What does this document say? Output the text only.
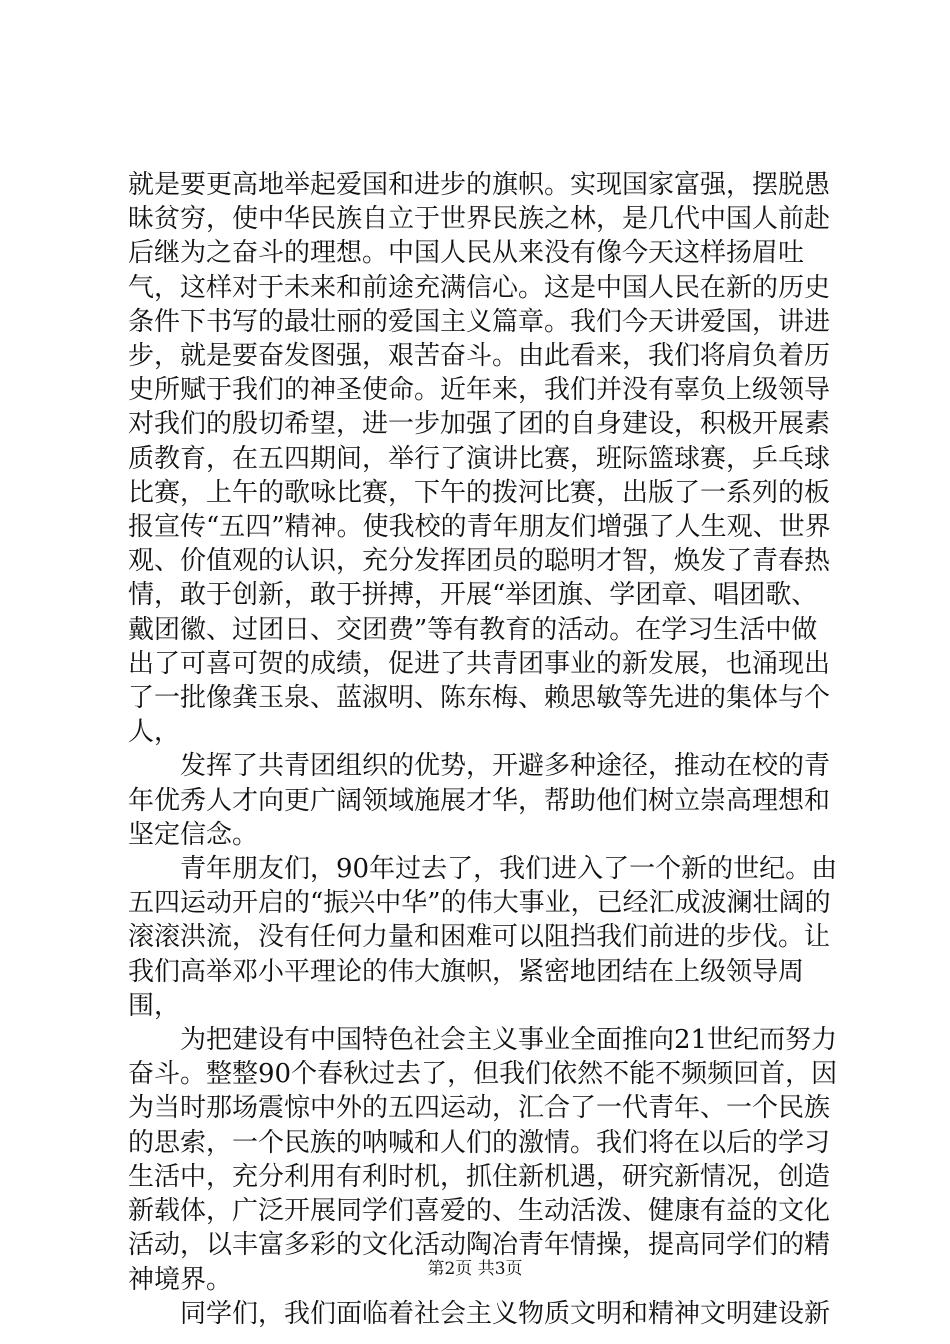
就是要更高地举起爱国和进步的旗帜。实现国家富强，摆脱愚昧贫穷，使中华民族自立于世界民族之林，是几代中国人前赴后继为之奋斗的理想。中国人民从来没有像今天这样扬眉吐气，这样对于未来和前途充满信心。这是中国人民在新的历史条件下书写的最壮丽的爱国主义篇章。我们今天讲爱国，讲进步，就是要奋发图强，艰苦奋斗。由此看来，我们将肩负着历史所赋于我们的神圣使命。近年来，我们并没有辜负上级领导对我们的殷切希望，进一步加强了团的自身建设，积极开展素质教育，在五四期间，举行了演讲比赛，班际篮球赛，乒乓球比赛，上午的歌咏比赛，下午的拨河比赛，出版了一系列的板报宣传“五四”精神。使我校的青年朋友们增强了人生观、世界观、价值观的认识，充分发挥团员的聪明才智，焕发了青春热情，敢于创新，敢于拼搏，开展“举团旗、学团章、唱团歌、戴团徽、过团日、交团费”等有教育的活动。在学习生活中做出了可喜可贺的成绩，促进了共青团事业的新发展，也涌现出了一批像龚玉泉、蓝淑明、陈东梅、赖思敏等先进的集体与个人，

　　发挥了共青团组织的优势，开避多种途径，推动在校的青年优秀人才向更广阔领域施展才华，帮助他们树立崇高理想和坚定信念。

　　青年朋友们，90年过去了，我们进入了一个新的世纪。由五四运动开启的“振兴中华”的伟大事业，已经汇成波澜壮阔的滚滚洪流，没有任何力量和困难可以阻挡我们前进的步伐。让我们高举邓小平理论的伟大旗帜，紧密地团结在上级领导周围，

　　为把建设有中国特色社会主义事业全面推向21世纪而努力奋斗。整整90个春秋过去了，但我们依然不能不频频回首，因为当时那场震惊中外的五四运动，汇合了一代青年、一个民族的思索，一个民族的呐喊和人们的激情。我们将在以后的学习生活中，充分利用有利时机，抓住新机遇，研究新情况，创造新载体，广泛开展同学们喜爱的、生动活泼、健康有益的文化活动，以丰富多彩的文化活动陶冶青年情操，提高同学们的精神境界。

　　同学们，我们面临着社会主义物质文明和精神文明建设新

第2页 共3页
